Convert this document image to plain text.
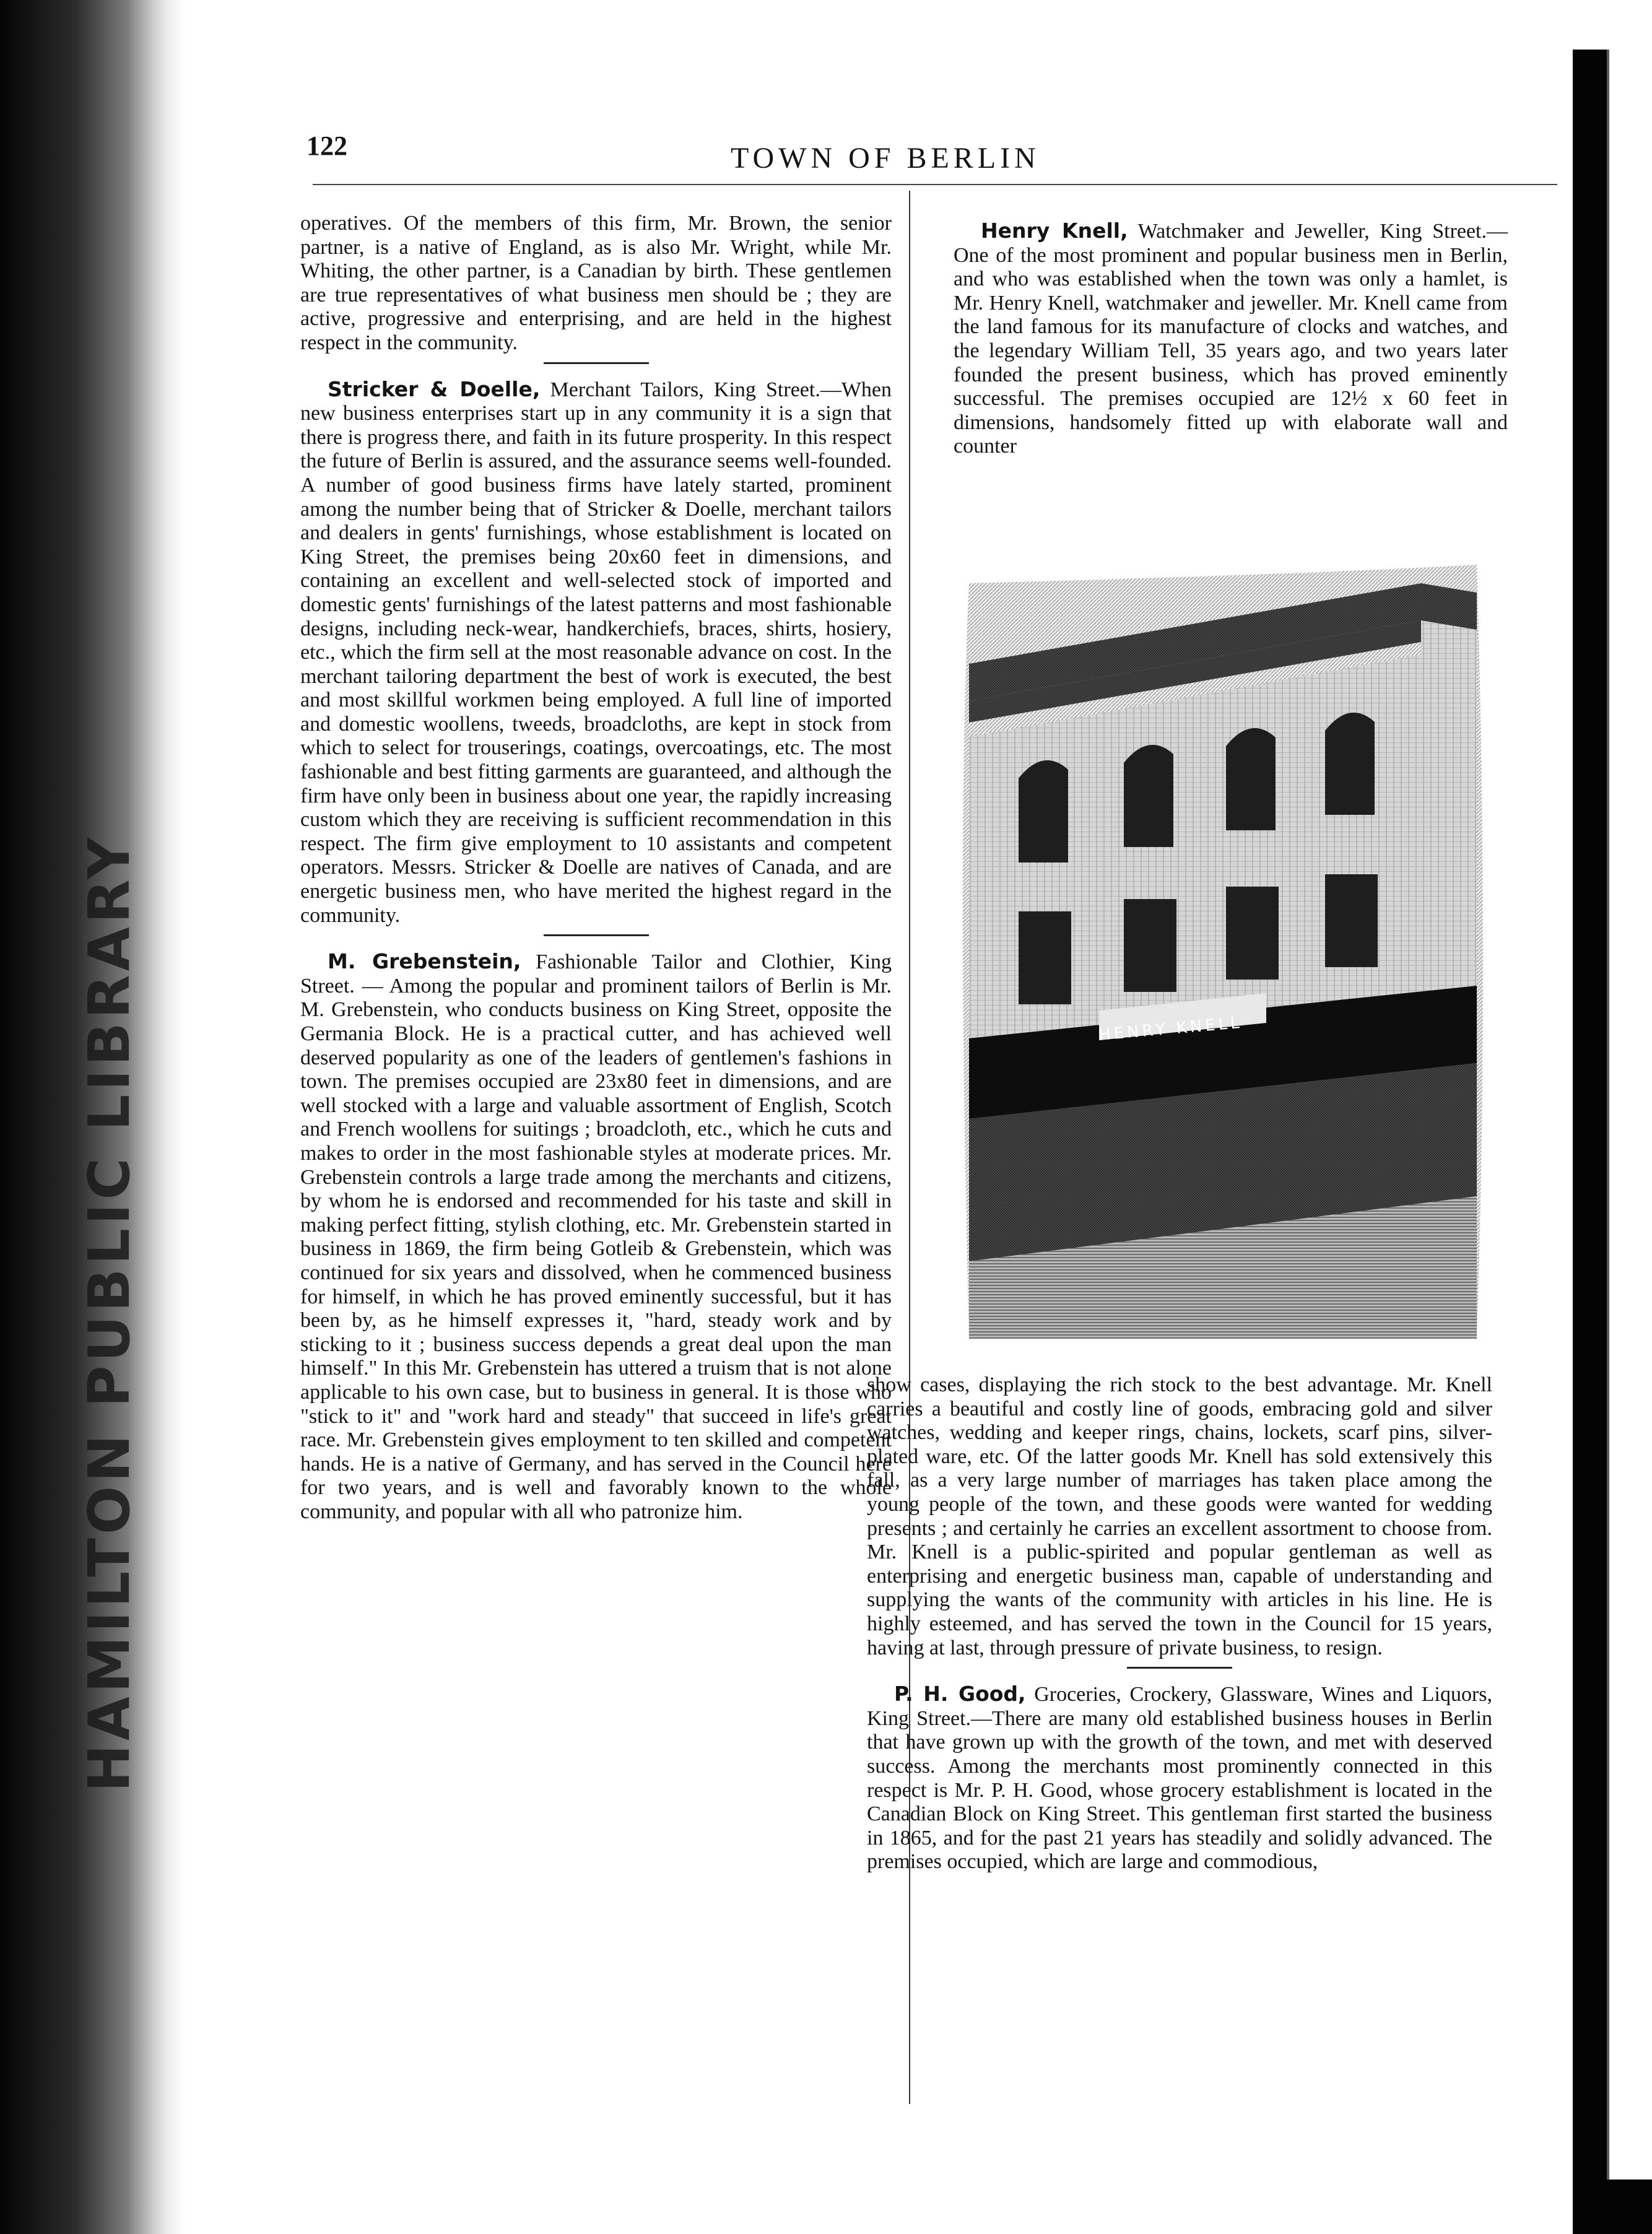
HAMILTON PUBLIC LIBRARY
122	TOWN OF BERLIN

operatives. Of the members of this firm, Mr. Brown, the senior partner, is a native of England, as is also Mr. Wright, while Mr. Whiting, the other partner, is a Canadian by birth. These gentlemen are true representatives of what business men should be ; they are active, progressive and enterprising, and are held in the highest respect in the community.

Stricker & Doelle, Merchant Tailors, King Street.—When new business enterprises start up in any community it is a sign that there is progress there, and faith in its future prosperity. In this respect the future of Berlin is assured, and the assurance seems well-founded. A number of good business firms have lately started, prominent among the number being that of Stricker & Doelle, merchant tailors and dealers in gents' furnishings, whose establishment is located on King Street, the premises being 20x60 feet in dimensions, and containing an excellent and well-selected stock of imported and domestic gents' furnishings of the latest patterns and most fashionable designs, including neck-wear, handkerchiefs, braces, shirts, hosiery, etc., which the firm sell at the most reasonable advance on cost. In the merchant tailoring department the best of work is executed, the best and most skillful workmen being employed. A full line of imported and domestic woollens, tweeds, broadcloths, are kept in stock from which to select for trouserings, coatings, overcoatings, etc. The most fashionable and best fitting garments are guaranteed, and although the firm have only been in business about one year, the rapidly increasing custom which they are receiving is sufficient recommendation in this respect. The firm give employment to 10 assistants and competent operators. Messrs. Stricker & Doelle are natives of Canada, and are energetic business men, who have merited the highest regard in the community.

M. Grebenstein, Fashionable Tailor and Clothier, King Street. — Among the popular and prominent tailors of Berlin is Mr. M. Grebenstein, who conducts business on King Street, opposite the Germania Block. He is a practical cutter, and has achieved well deserved popularity as one of the leaders of gentlemen's fashions in town. The premises occupied are 23x80 feet in dimensions, and are well stocked with a large and valuable assortment of English, Scotch and French woollens for suitings ; broadcloth, etc., which he cuts and makes to order in the most fashionable styles at moderate prices. Mr. Grebenstein controls a large trade among the merchants and citizens, by whom he is endorsed and recommended for his taste and skill in making perfect fitting, stylish clothing, etc. Mr. Grebenstein started in business in 1869, the firm being Gotleib & Grebenstein, which was continued for six years and dissolved, when he commenced business for himself, in which he has proved eminently successful, but it has been by, as he himself expresses it, "hard, steady work and by sticking to it ; business success depends a great deal upon the man himself." In this Mr. Grebenstein has uttered a truism that is not alone applicable to his own case, but to business in general. It is those who "stick to it" and "work hard and steady" that succeed in life's great race. Mr. Grebenstein gives employment to ten skilled and competent hands. He is a native of Germany, and has served in the Council here for two years, and is well and favorably known to the whole community, and popular with all who patronize him.

Henry Knell, Watchmaker and Jeweller, King Street.—One of the most prominent and popular business men in Berlin, and who was established when the town was only a hamlet, is Mr. Henry Knell, watchmaker and jeweller. Mr. Knell came from the land famous for its manufacture of clocks and watches, and the legendary William Tell, 35 years ago, and two years later founded the present business, which has proved eminently successful. The premises occupied are 12½ x 60 feet in dimensions, handsomely fitted up with elaborate wall and counter

HENRY KNELL

show cases, displaying the rich stock to the best advantage. Mr. Knell carries a beautiful and costly line of goods, embracing gold and silver watches, wedding and keeper rings, chains, lockets, scarf pins, silver-plated ware, etc. Of the latter goods Mr. Knell has sold extensively this fall, as a very large number of marriages has taken place among the young people of the town, and these goods were wanted for wedding presents ; and certainly he carries an excellent assortment to choose from. Mr. Knell is a public-spirited and popular gentleman as well as enterprising and energetic business man, capable of understanding and supplying the wants of the community with articles in his line. He is highly esteemed, and has served the town in the Council for 15 years, having at last, through pressure of private business, to resign.

P. H. Good, Groceries, Crockery, Glassware, Wines and Liquors, King Street.—There are many old established business houses in Berlin that have grown up with the growth of the town, and met with deserved success. Among the merchants most prominently connected in this respect is Mr. P. H. Good, whose grocery establishment is located in the Canadian Block on King Street. This gentleman first started the business in 1865, and for the past 21 years has steadily and solidly advanced. The premises occupied, which are large and commodious,
